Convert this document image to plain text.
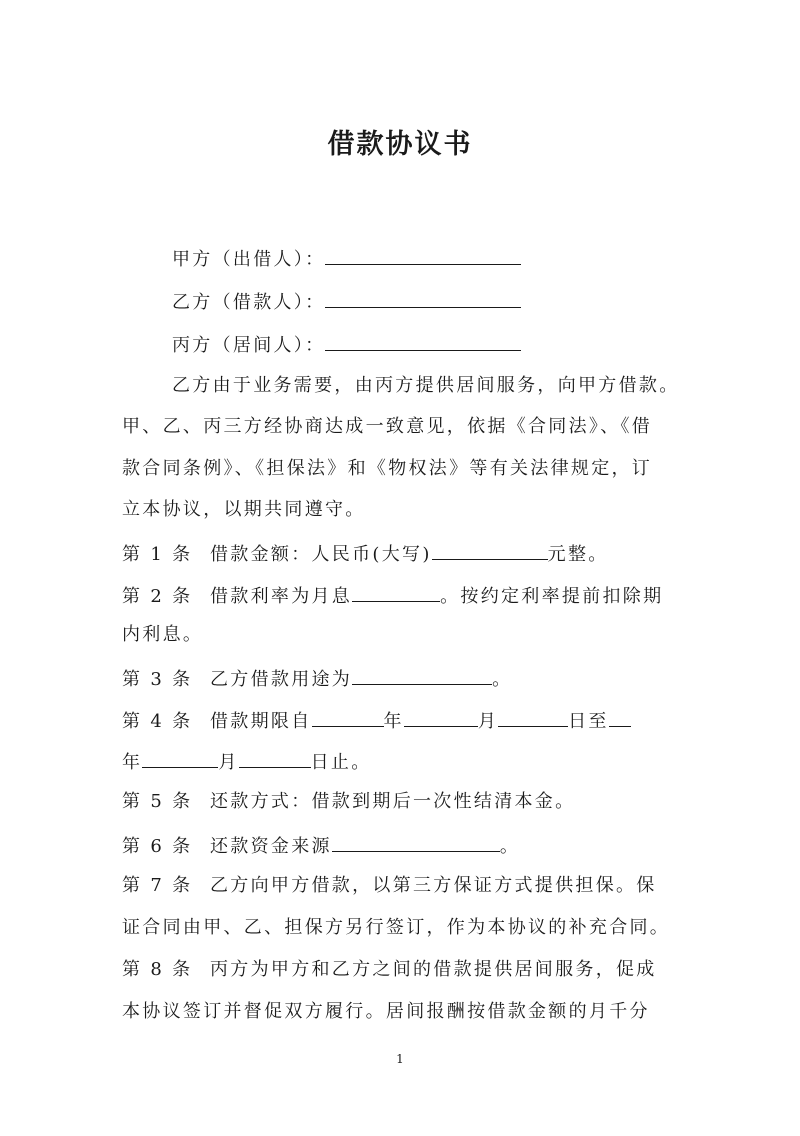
借款协议书
甲方（出借人）：
乙方（借款人）：
丙方（居间人）：
乙方由于业务需要，由丙方提供居间服务，向甲方借款。
甲、乙、丙三方经协商达成一致意见，依据《合同法》、《借
款合同条例》、《担保法》和《物权法》等有关法律规定，订
立本协议，以期共同遵守。
第 1 条 借款金额：人民币(大写)	元整。
第 2 条 借款利率为月息	。按约定利率提前扣除期
内利息。
第 3 条 乙方借款用途为	。
第 4 条 借款期限自	年	月	日至
年	月	日止。
第 5 条 还款方式：借款到期后一次性结清本金。
第 6 条 还款资金来源	。
第 7 条 乙方向甲方借款，以第三方保证方式提供担保。保
证合同由甲、乙、担保方另行签订，作为本协议的补充合同。
第 8 条 丙方为甲方和乙方之间的借款提供居间服务，促成
本协议签订并督促双方履行。居间报酬按借款金额的月千分
1
